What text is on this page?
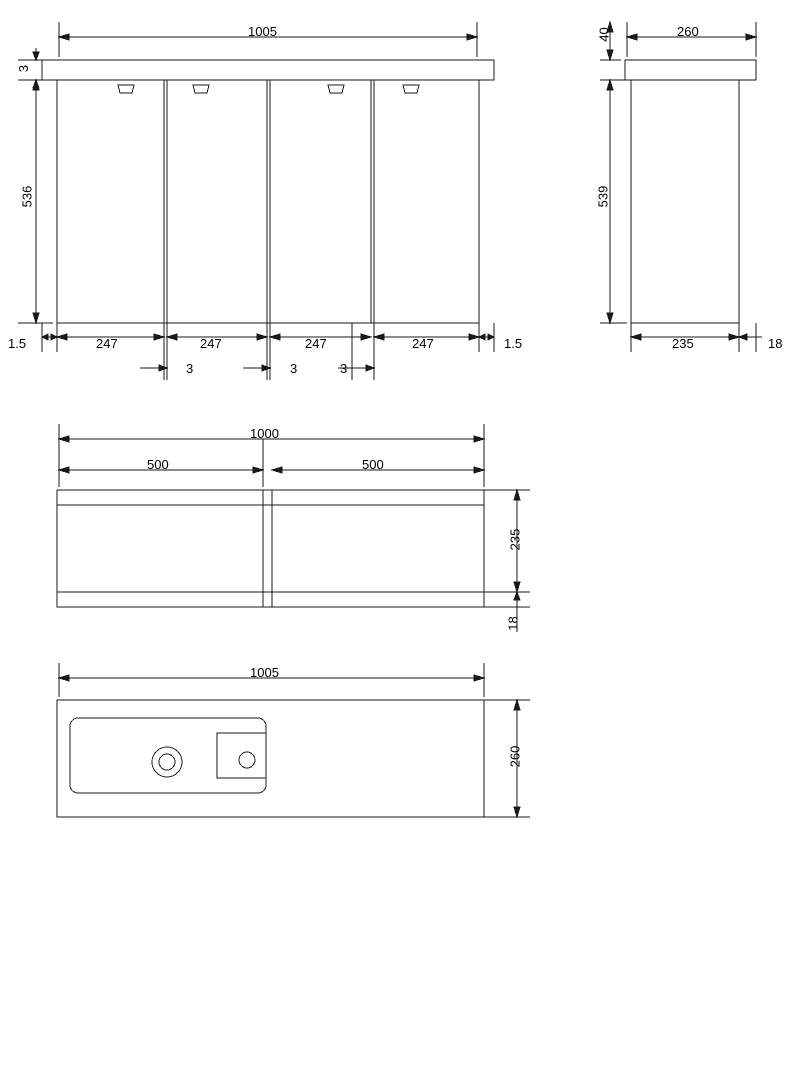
1005
3
536
1.5	247	247	247	247	1.5
3	3	3
260
40
539
235	18
1000
500	500
235
18
1005
260
